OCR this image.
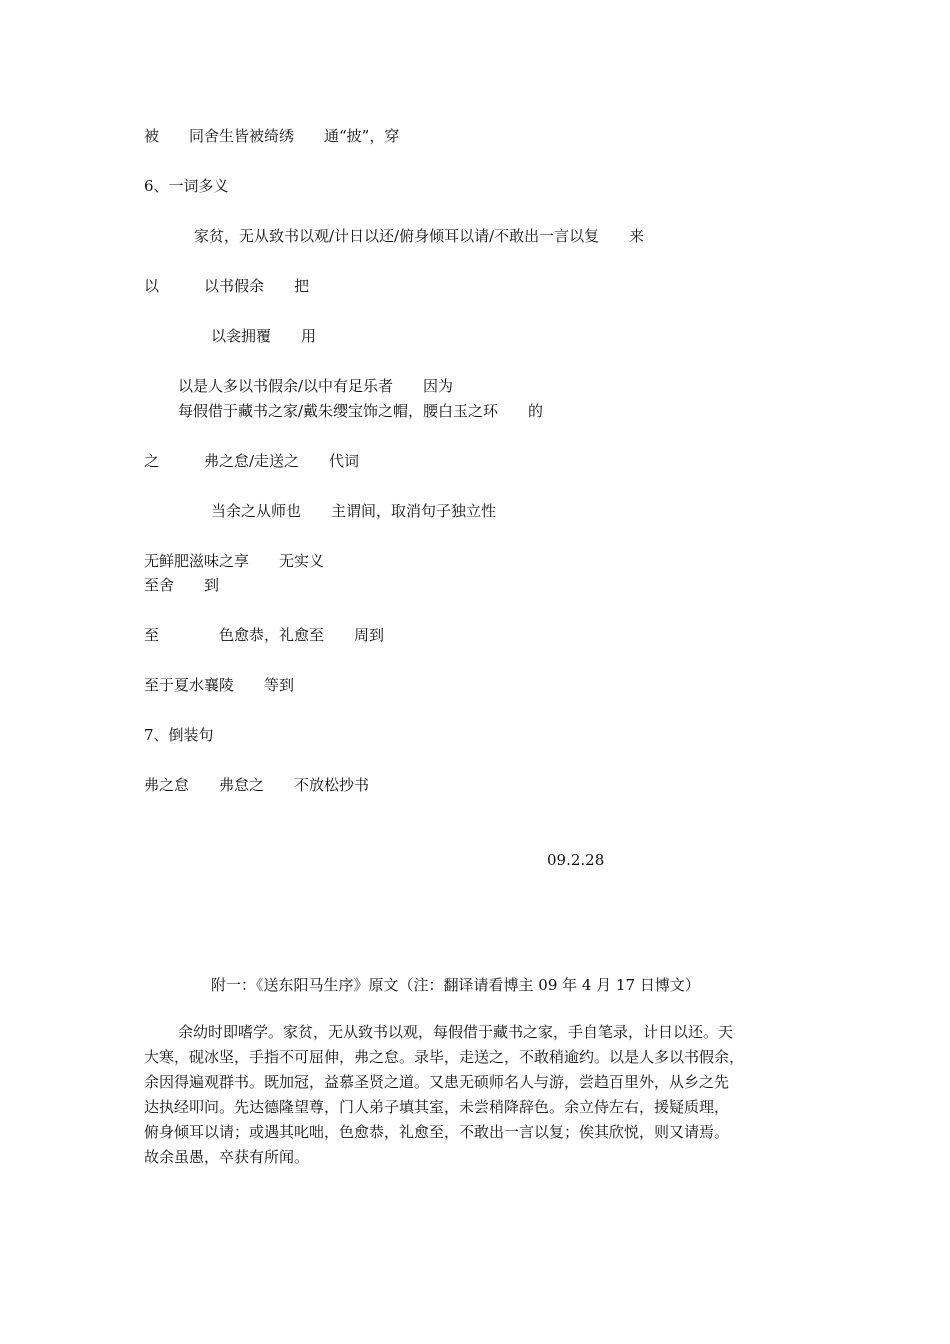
被　　同舍生皆被绮绣　　通“披”，穿
6、一词多义
家贫，无从致书以观/计日以还/俯身倾耳以请/不敢出一言以复　　来
以　　　以书假余　　把
以衾拥覆　　用
以是人多以书假余/以中有足乐者　　因为
每假借于藏书之家/戴朱缨宝饰之帽，腰白玉之环　　的
之　　　弗之怠/走送之　　代词
当余之从师也　　主谓间，取消句子独立性
无鲜肥滋味之享　　无实义
至舍　　到
至　　　　色愈恭，礼愈至　　周到
至于夏水襄陵　　等到
7、倒装句
弗之怠　　弗怠之　　不放松抄书
09.2.28
附一：《送东阳马生序》原文（注：翻译请看博主 09 年 4 月 17 日博文）
余幼时即嗜学。家贫，无从致书以观，每假借于藏书之家，手自笔录，计日以还。天
大寒，砚冰坚，手指不可屈伸，弗之怠。录毕，走送之，不敢稍逾约。以是人多以书假余，
余因得遍观群书。既加冠，益慕圣贤之道。又患无硕师名人与游，尝趋百里外，从乡之先
达执经叩问。先达德隆望尊，门人弟子填其室，未尝稍降辞色。余立侍左右，援疑质理，
俯身倾耳以请；或遇其叱咄，色愈恭，礼愈至，不敢出一言以复；俟其欣悦，则又请焉。
故余虽愚，卒获有所闻。
